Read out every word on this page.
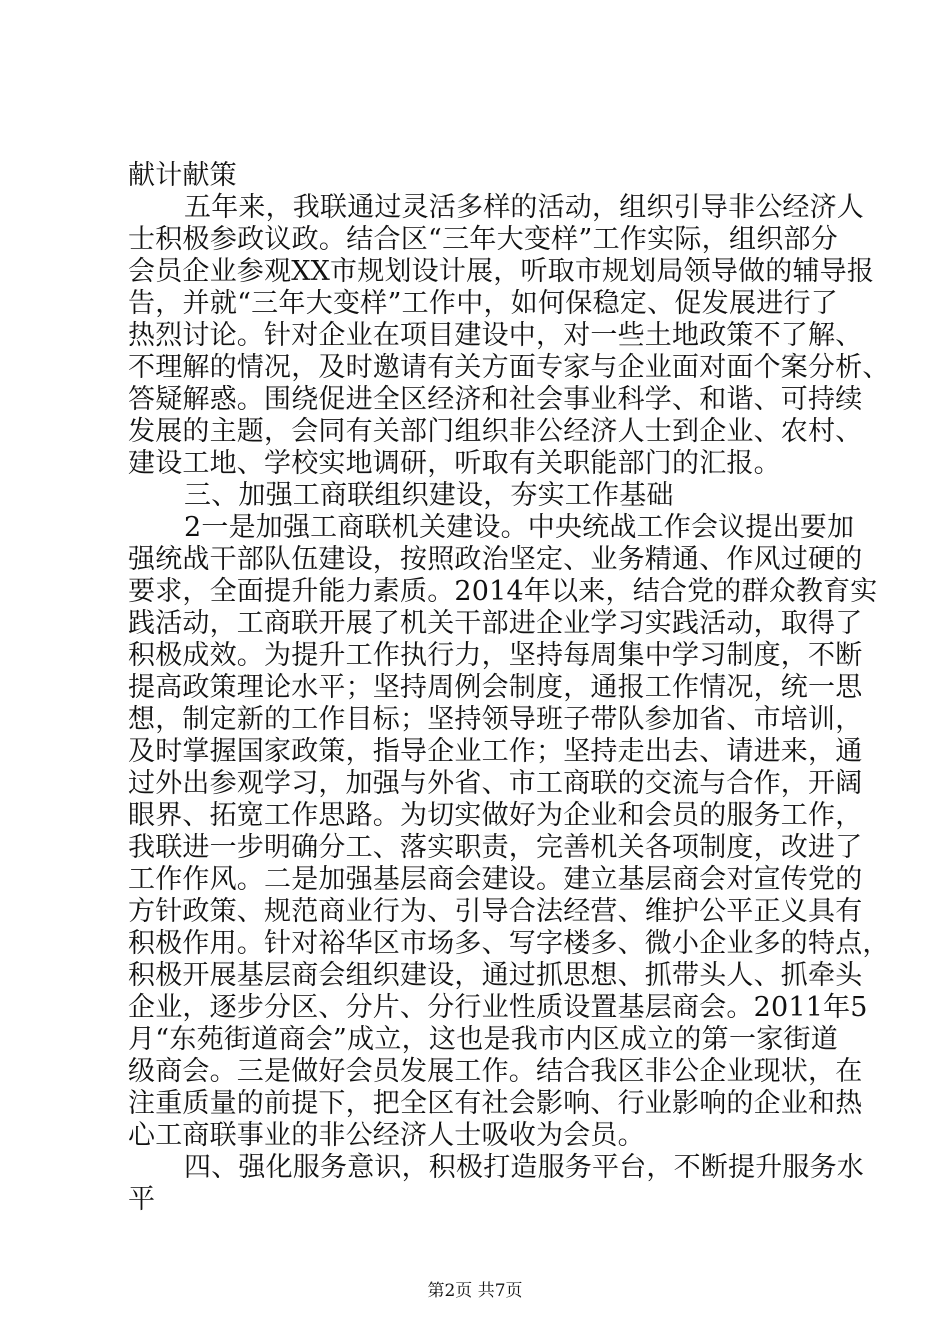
献计献策
五年来，我联通过灵活多样的活动，组织引导非公经济人
士积极参政议政。结合区“三年大变样”工作实际，组织部分
会员企业参观XX市规划设计展，听取市规划局领导做的辅导报
告，并就“三年大变样”工作中，如何保稳定、促发展进行了
热烈讨论。针对企业在项目建设中，对一些土地政策不了解、
不理解的情况，及时邀请有关方面专家与企业面对面个案分析、
答疑解惑。围绕促进全区经济和社会事业科学、和谐、可持续
发展的主题，会同有关部门组织非公经济人士到企业、农村、
建设工地、学校实地调研，听取有关职能部门的汇报。
三、加强工商联组织建设，夯实工作基础
2一是加强工商联机关建设。中央统战工作会议提出要加
强统战干部队伍建设，按照政治坚定、业务精通、作风过硬的
要求，全面提升能力素质。2014年以来，结合党的群众教育实
践活动，工商联开展了机关干部进企业学习实践活动，取得了
积极成效。为提升工作执行力，坚持每周集中学习制度，不断
提高政策理论水平；坚持周例会制度，通报工作情况，统一思
想，制定新的工作目标；坚持领导班子带队参加省、市培训，
及时掌握国家政策，指导企业工作；坚持走出去、请进来，通
过外出参观学习，加强与外省、市工商联的交流与合作，开阔
眼界、拓宽工作思路。为切实做好为企业和会员的服务工作，
我联进一步明确分工、落实职责，完善机关各项制度，改进了
工作作风。二是加强基层商会建设。建立基层商会对宣传党的
方针政策、规范商业行为、引导合法经营、维护公平正义具有
积极作用。针对裕华区市场多、写字楼多、微小企业多的特点，
积极开展基层商会组织建设，通过抓思想、抓带头人、抓牵头
企业，逐步分区、分片、分行业性质设置基层商会。2011年5
月“东苑街道商会”成立，这也是我市内区成立的第一家街道
级商会。三是做好会员发展工作。结合我区非公企业现状，在
注重质量的前提下，把全区有社会影响、行业影响的企业和热
心工商联事业的非公经济人士吸收为会员。
四、强化服务意识，积极打造服务平台，不断提升服务水
平
第2页 共7页
